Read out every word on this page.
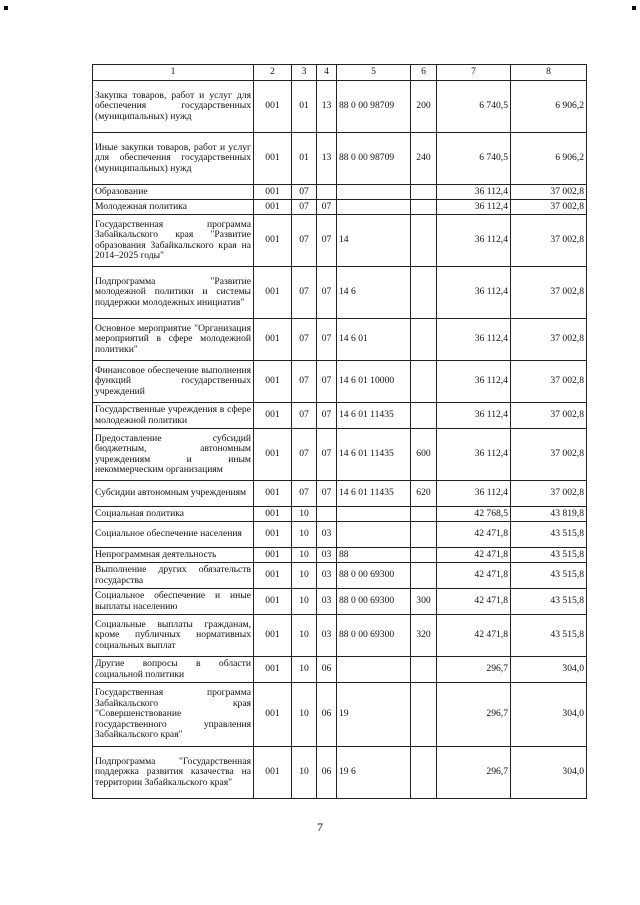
1	2	3	4	5	6	7	8
Закупка товаров, работ и услуг для обеспечения государственных (муниципальных) нужд	001	01	13	88 0 00 98709	200	6 740,5	6 906,2
Иные закупки товаров, работ и услуг для обеспечения государственных (муниципальных) нужд	001	01	13	88 0 00 98709	240	6 740,5	6 906,2
Образование	001	07				36 112,4	37 002,8
Молодежная политика	001	07	07			36 112,4	37 002,8
Государственная программа Забайкальского края "Развитие образования Забайкальского края на 2014–2025 годы"	001	07	07	14		36 112,4	37 002,8
Подпрограмма "Развитие молодежной политики и системы поддержки молодежных инициатив"	001	07	07	14 6		36 112,4	37 002,8
Основное мероприятие "Организация мероприятий в сфере молодежной политики"	001	07	07	14 6 01		36 112,4	37 002,8
Финансовое обеспечение выполнения функций государственных учреждений	001	07	07	14 6 01 10000		36 112,4	37 002,8
Государственные учреждения в сфере молодежной политики	001	07	07	14 6 01 11435		36 112,4	37 002,8
Предоставление субсидий бюджетным, автономным учреждениям и иным некоммерческим организациям	001	07	07	14 6 01 11435	600	36 112,4	37 002,8
Субсидии автономным учреждениям	001	07	07	14 6 01 11435	620	36 112,4	37 002,8
Социальная политика	001	10				42 768,5	43 819,8
Социальное обеспечение населения	001	10	03			42 471,8	43 515,8
Непрограммная деятельность	001	10	03	88		42 471,8	43 515,8
Выполнение других обязательств государства	001	10	03	88 0 00 69300		42 471,8	43 515,8
Социальное обеспечение и иные выплаты населению	001	10	03	88 0 00 69300	300	42 471,8	43 515,8
Социальные выплаты гражданам, кроме публичных нормативных социальных выплат	001	10	03	88 0 00 69300	320	42 471,8	43 515,8
Другие вопросы в области социальной политики	001	10	06			296,7	304,0
Государственная программа Забайкальского края "Совершенствование государственного управления Забайкальского края"	001	10	06	19		296,7	304,0
Подпрограмма "Государственная поддержка развития казачества на территории Забайкальского края"	001	10	06	19 6		296,7	304,0
7
